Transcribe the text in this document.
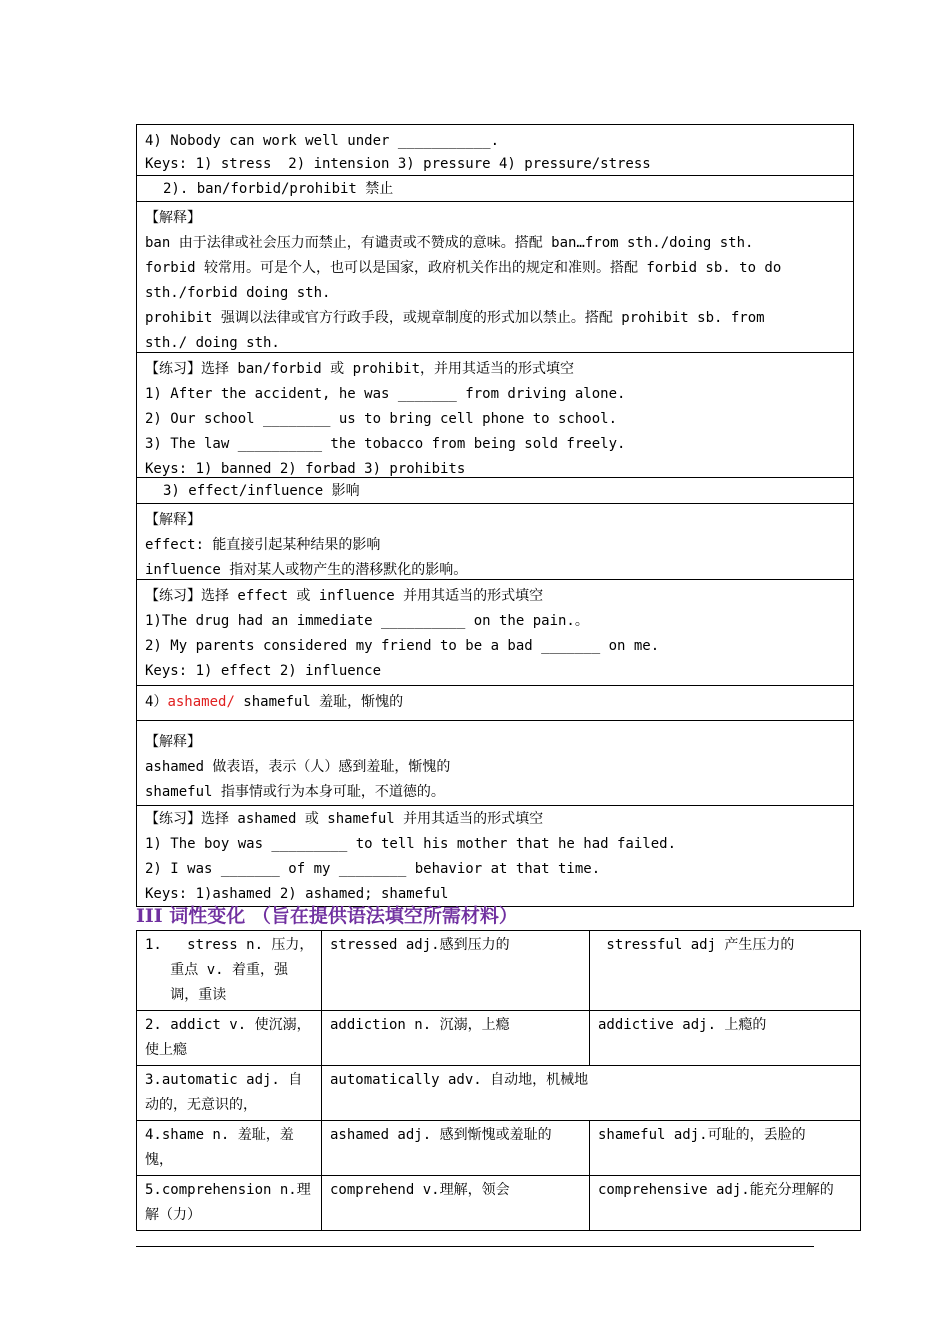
4) Nobody can work well under ___________.
Keys: 1) stress  2) intension 3) pressure 4) pressure/stress
2). ban/forbid/prohibit 禁止
【解释】
ban 由于法律或社会压力而禁止，有谴责或不赞成的意味。搭配 ban…from sth./doing sth.
forbid 较常用。可是个人，也可以是国家，政府机关作出的规定和准则。搭配 forbid sb. to do
sth./forbid doing sth.
prohibit 强调以法律或官方行政手段，或规章制度的形式加以禁止。搭配 prohibit sb. from
sth./ doing sth.
【练习】选择 ban/forbid 或 prohibit，并用其适当的形式填空
1) After the accident, he was _______ from driving alone.
2) Our school ________ us to bring cell phone to school.
3) The law __________ the tobacco from being sold freely.
Keys: 1) banned 2) forbad 3) prohibits
3) effect/influence 影响
【解释】
effect: 能直接引起某种结果的影响
influence 指对某人或物产生的潜移默化的影响。
【练习】选择 effect 或 influence 并用其适当的形式填空
1)The drug had an immediate __________ on the pain.。
2) My parents considered my friend to be a bad _______ on me.
Keys: 1) effect 2) influence
4）ashamed/ shameful 羞耻，惭愧的
【解释】
ashamed 做表语，表示（人）感到羞耻，惭愧的
shameful 指事情或行为本身可耻，不道德的。
【练习】选择 ashamed 或 shameful 并用其适当的形式填空
1) The boy was _________ to tell his mother that he had failed.
2) I was _______ of my ________ behavior at that time.
Keys: 1)ashamed 2) ashamed; shameful
III 词性变化 （旨在提供语法填空所需材料）
1.   stress n. 压力，
重点 v. 着重，强
调，重读	stressed adj.感到压力的	stressful adj 产生压力的

2. addict v. 使沉溺，
使上瘾	addiction n. 沉溺，上瘾	addictive adj. 上瘾的

3.automatic adj. 自
动的，无意识的，	automatically adv. 自动地，机械地	

4.shame n. 羞耻，羞
愧，	ashamed adj. 感到惭愧或羞耻的	shameful adj.可耻的，丢脸的

5.comprehension n.理
解（力）	comprehend v.理解，领会	comprehensive adj.能充分理解的
